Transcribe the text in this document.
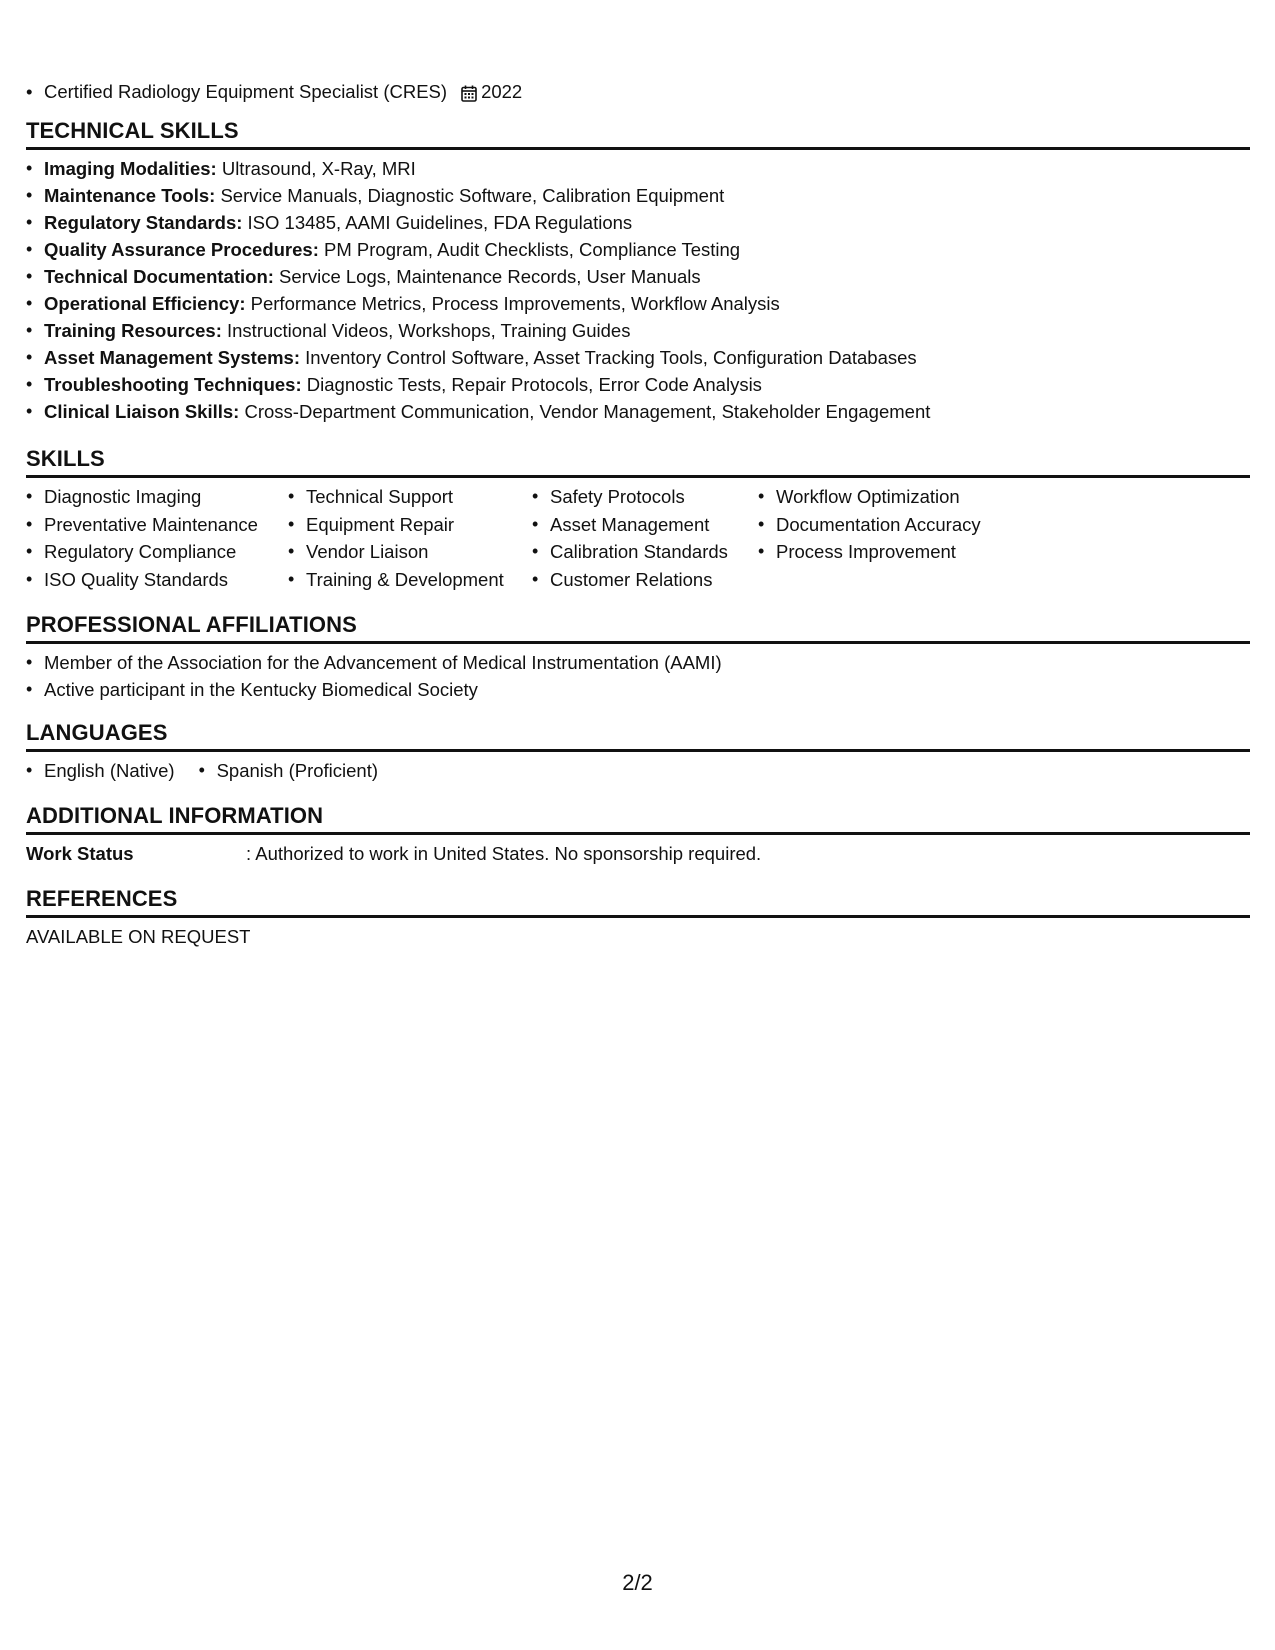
• Certified Radiology Equipment Specialist (CRES) 2022
TECHNICAL SKILLS
• Imaging Modalities: Ultrasound, X-Ray, MRI
• Maintenance Tools: Service Manuals, Diagnostic Software, Calibration Equipment
• Regulatory Standards: ISO 13485, AAMI Guidelines, FDA Regulations
• Quality Assurance Procedures: PM Program, Audit Checklists, Compliance Testing
• Technical Documentation: Service Logs, Maintenance Records, User Manuals
• Operational Efficiency: Performance Metrics, Process Improvements, Workflow Analysis
• Training Resources: Instructional Videos, Workshops, Training Guides
• Asset Management Systems: Inventory Control Software, Asset Tracking Tools, Configuration Databases
• Troubleshooting Techniques: Diagnostic Tests, Repair Protocols, Error Code Analysis
• Clinical Liaison Skills: Cross-Department Communication, Vendor Management, Stakeholder Engagement
SKILLS
• Diagnostic Imaging
• Preventative Maintenance
• Regulatory Compliance
• ISO Quality Standards
• Technical Support
• Equipment Repair
• Vendor Liaison
• Training & Development
• Safety Protocols
• Asset Management
• Calibration Standards
• Customer Relations
• Workflow Optimization
• Documentation Accuracy
• Process Improvement
PROFESSIONAL AFFILIATIONS
• Member of the Association for the Advancement of Medical Instrumentation (AAMI)
• Active participant in the Kentucky Biomedical Society
LANGUAGES
• English (Native)
•	Spanish (Proficient)
ADDITIONAL INFORMATION
Work Status	: Authorized to work in United States. No sponsorship required.
REFERENCES
AVAILABLE ON REQUEST
2/2
